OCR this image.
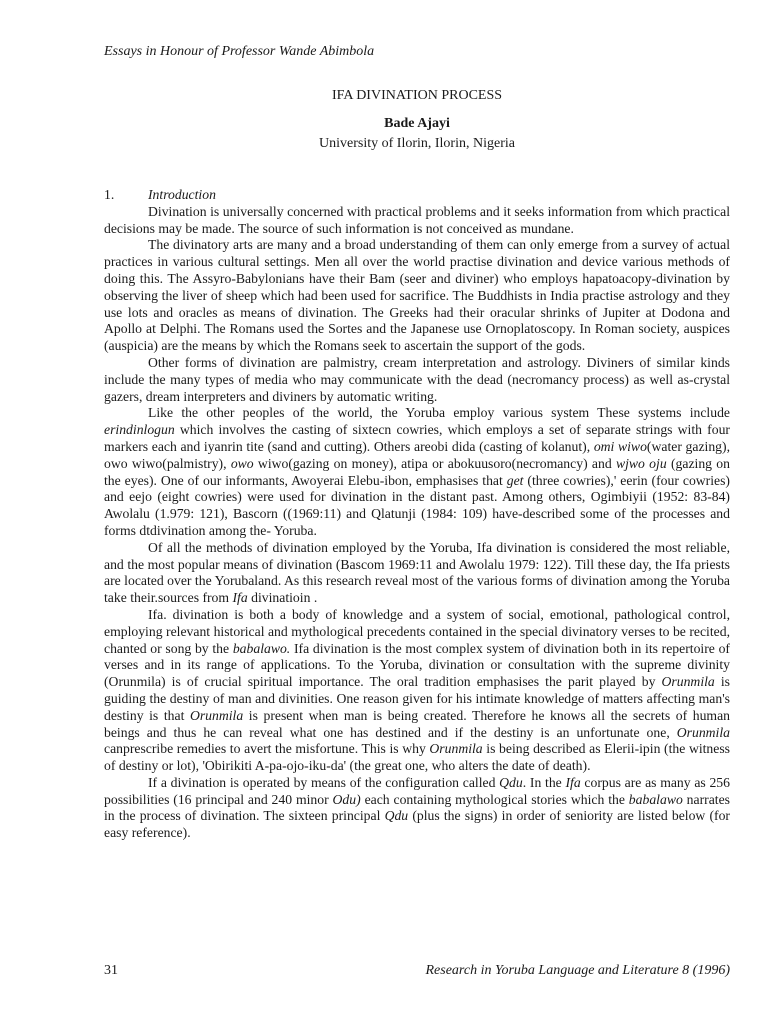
Essays in Honour of Professor Wande Abimbola
IFA DIVINATION PROCESS

Bade Ajayi

University of Ilorin, Ilorin, Nigeria

1. Introduction

Divination is universally concerned with practical problems and it seeks information from which practical decisions may be made. The source of such information is not conceived as mundane.

The divinatory arts are many and a broad understanding of them can only emerge from a survey of actual practices in various cultural settings. Men all over the world practise divination and device various methods of doing this. The Assyro-Babylonians have their Bam (seer and diviner) who employs hapatoacopy-divination by observing the liver of sheep which had been used for sacrifice. The Buddhists in India practise astrology and they use lots and oracles as means of divination. The Greeks had their oracular shrinks of Jupiter at Dodona and Apollo at Delphi. The Romans used the Sortes and the Japanese use Ornoplatoscopy. In Roman society, auspices (auspicia) are the means by which the Romans seek to ascertain the support of the gods.

Other forms of divination are palmistry, cream interpretation and astrology. Diviners of similar kinds include the many types of media who may communicate with the dead (necromancy process) as well as-crystal gazers, dream interpreters and diviners by automatic writing.

Like the other peoples of the world, the Yoruba employ various system These systems include erindinlogun which involves the casting of sixtecn cowries, which employs a set of separate strings with four markers each and iyanrin tite (sand and cutting). Others areobi dida (casting of kolanut), omi wiwo(water gazing), owo wiwo(palmistry), owo wiwo(gazing on money), atipa or abokuusoro(necromancy) and wjwo oju (gazing on the eyes). One of our informants, Awoyerai Elebu-ibon, emphasises that get (three cowries),' eerin (four cowries) and eejo (eight cowries) were used for divination in the distant past. Among others, Ogimbiyii (1952: 83-84) Awolalu (1.979: 121), Bascorn ((1969:11) and Qlatunji (1984: 109) have-described some of the processes and forms dtdivination among the- Yoruba.

Of all the methods of divination employed by the Yoruba, Ifa divination is considered the most reliable, and the most popular means of divination (Bascom 1969:11 and Awolalu 1979: 122). Till these day, the Ifa priests are located over the Yorubaland. As this research reveal most of the various forms of divination among the Yoruba take their.sources from Ifa divinatioin .

Ifa. divination is both a body of knowledge and a system of social, emotional, pathological control, employing relevant historical and mythological precedents contained in the special divinatory verses to be recited, chanted or song by the babalawo. Ifa divination is the most complex system of divination both in its repertoire of verses and in its range of applications. To the Yoruba, divination or consultation with the supreme divinity (Orunmila) is of crucial spiritual importance. The oral tradition emphasises the parit played by Orunmila is guiding the destiny of man and divinities. One reason given for his intimate knowledge of matters affecting man's destiny is that Orunmila is present when man is being created. Therefore he knows all the secrets of human beings and thus he can reveal what one has destined and if the destiny is an unfortunate one, Orunmila canprescribe remedies to avert the misfortune. This is why Orunmila is being described as Elerii-ipin (the witness of destiny or lot), 'Obirikiti A-pa-ojo-iku-da' (the great one, who alters the date of death).

If a divination is operated by means of the configuration called Qdu. In the Ifa corpus are as many as 256 possibilities (16 principal and 240 minor Odu) each containing mythological stories which the babalawo narrates in the process of divination. The sixteen principal Qdu (plus the signs) in order of seniority are listed below (for easy reference).

31	Research in Yoruba Language and Literature 8 (1996)
